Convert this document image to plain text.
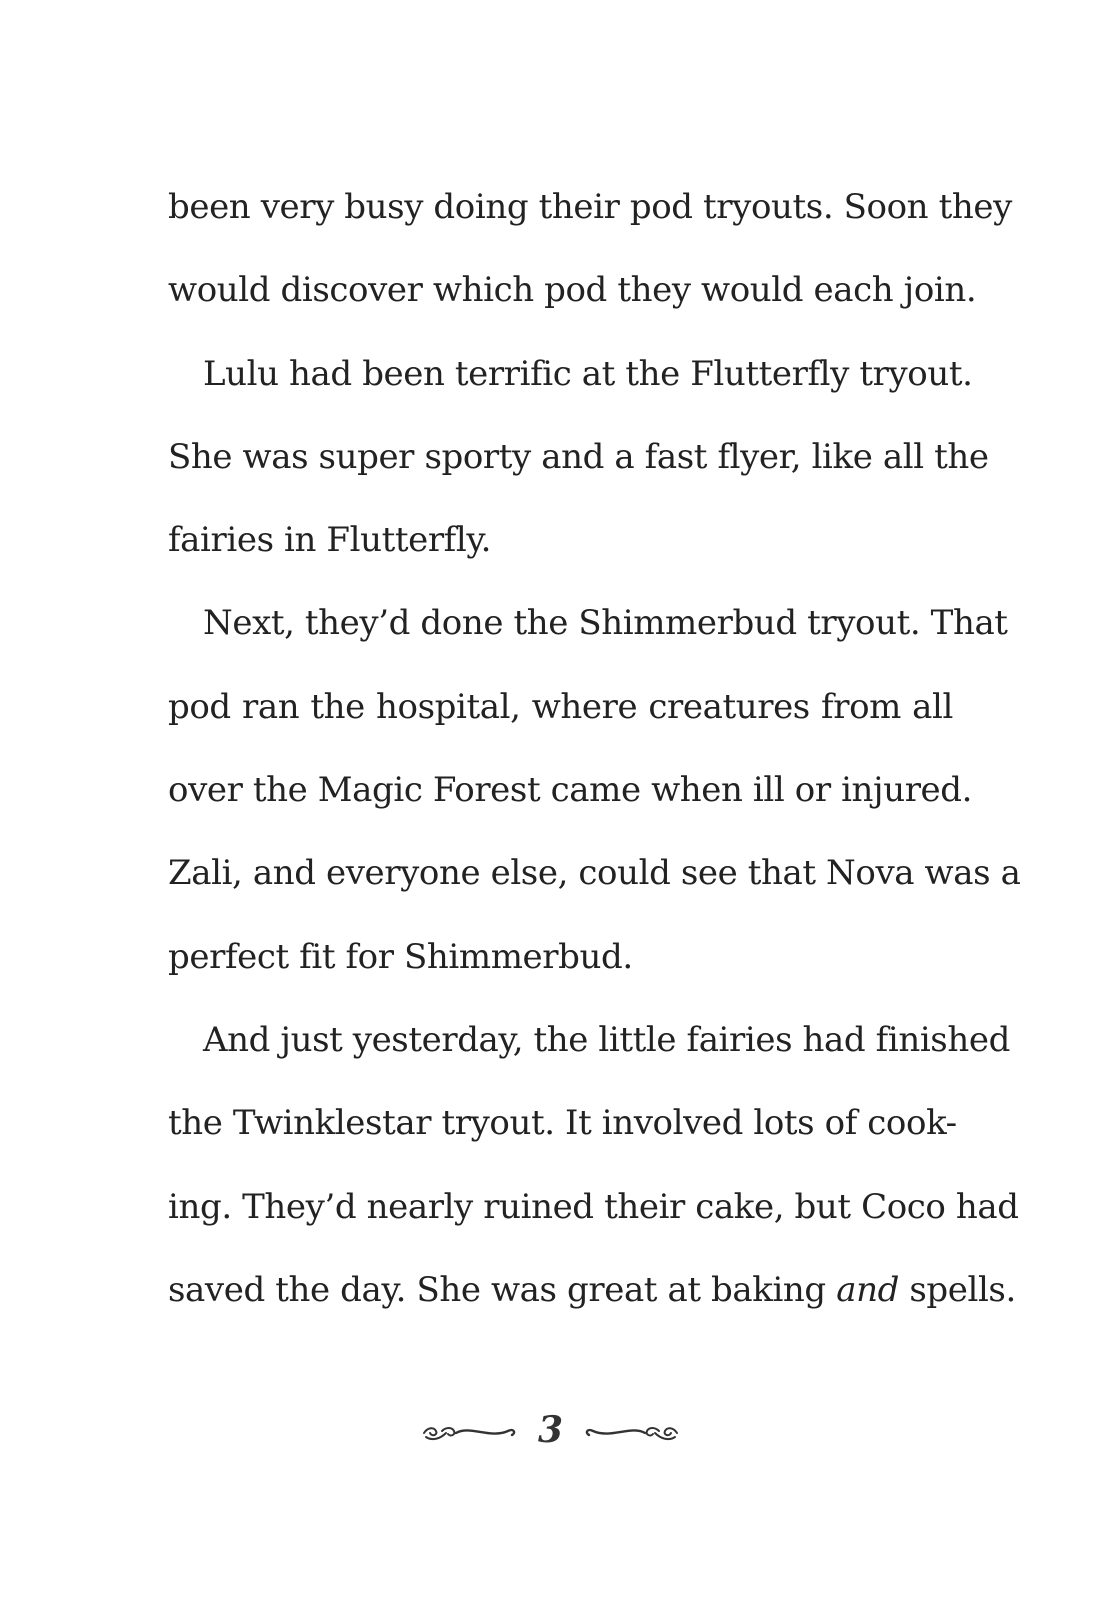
been very busy doing their pod tryouts. Soon they
would discover which pod they would each join.
Lulu had been terrific at the Flutterfly tryout.
She was super sporty and a fast flyer, like all the
fairies in Flutterfly.
Next, they’d done the Shimmerbud tryout. That
pod ran the hospital, where creatures from all
over the Magic Forest came when ill or injured.
Zali, and everyone else, could see that Nova was a
perfect fit for Shimmerbud.
And just yesterday, the little fairies had finished
the Twinklestar tryout. It involved lots of cook-
ing. They’d nearly ruined their cake, but Coco had
saved the day. She was great at baking and spells.
3
